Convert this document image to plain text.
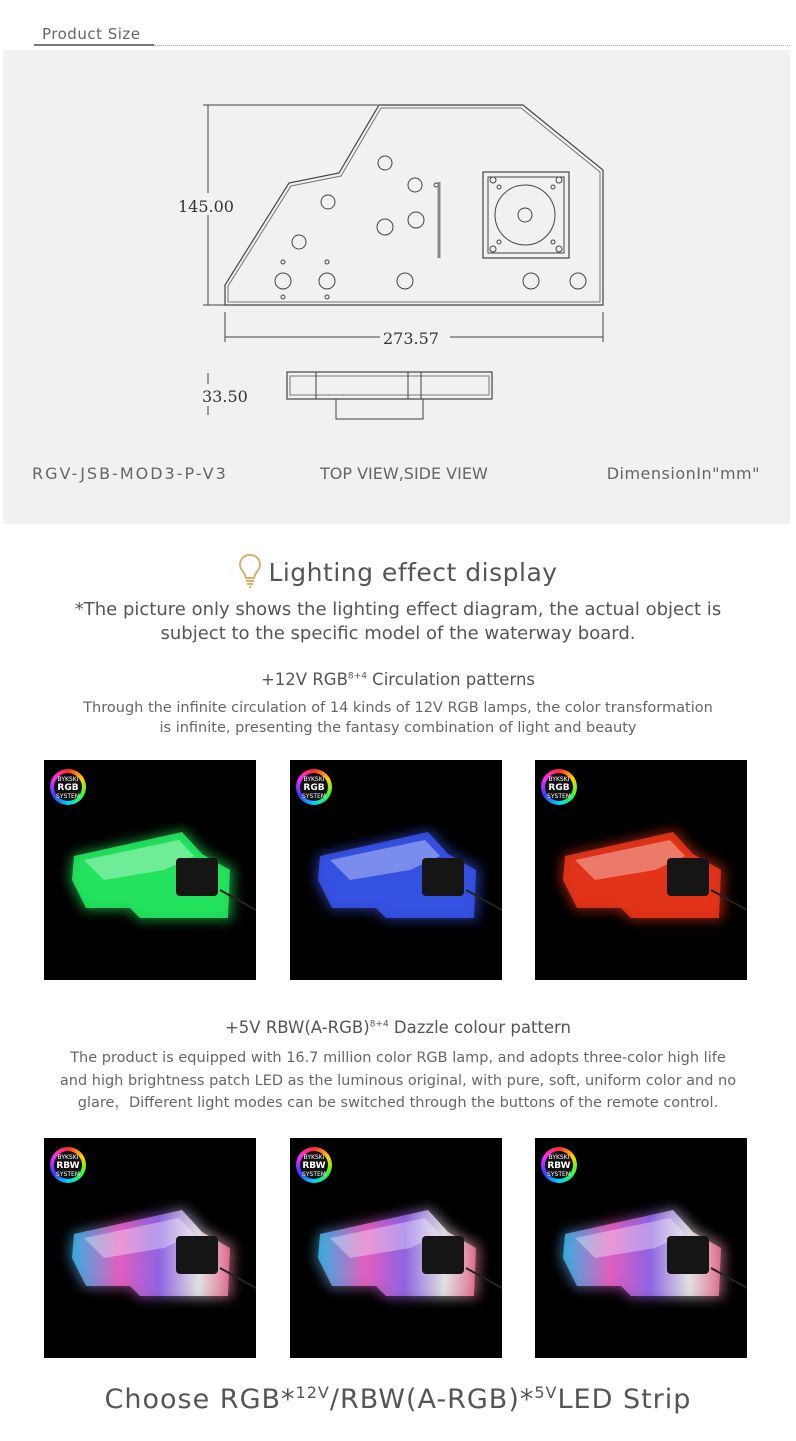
Product Size
145.00
273.57
33.50
RGV-JSB-MOD3-P-V3	TOP VIEW,SIDE VIEW	DimensionIn"mm"
Lighting effect display
*The picture only shows the lighting effect diagram, the actual object is
subject to the specific model of the waterway board.
+12V $RGB^{8+4}$ Circulation patterns
Through the infinite circulation of 14 kinds of 12V RGB lamps, the color transformation
is infinite, presenting the fantasy combination of light and beauty
BYKSKI
RGB
SYSTEM
BYKSKI
RGB
SYSTEM
BYKSKI
RGB
SYSTEM
+5V $RBW(A-RGB)^{8+4}$ Dazzle colour pattern
The product is equipped with 16.7 million color RGB lamp, and adopts three-color high life
and high brightness patch LED as the luminous original, with pure, soft, uniform color and no
glare，Different light modes can be switched through the buttons of the remote control.
BYKSKI
RBW
SYSTEM
BYKSKI
RBW
SYSTEM
BYKSKI
RBW
SYSTEM
Choose RGB*$^{12V}$/RBW(A-RGB)*$^{5V}$LED Strip
